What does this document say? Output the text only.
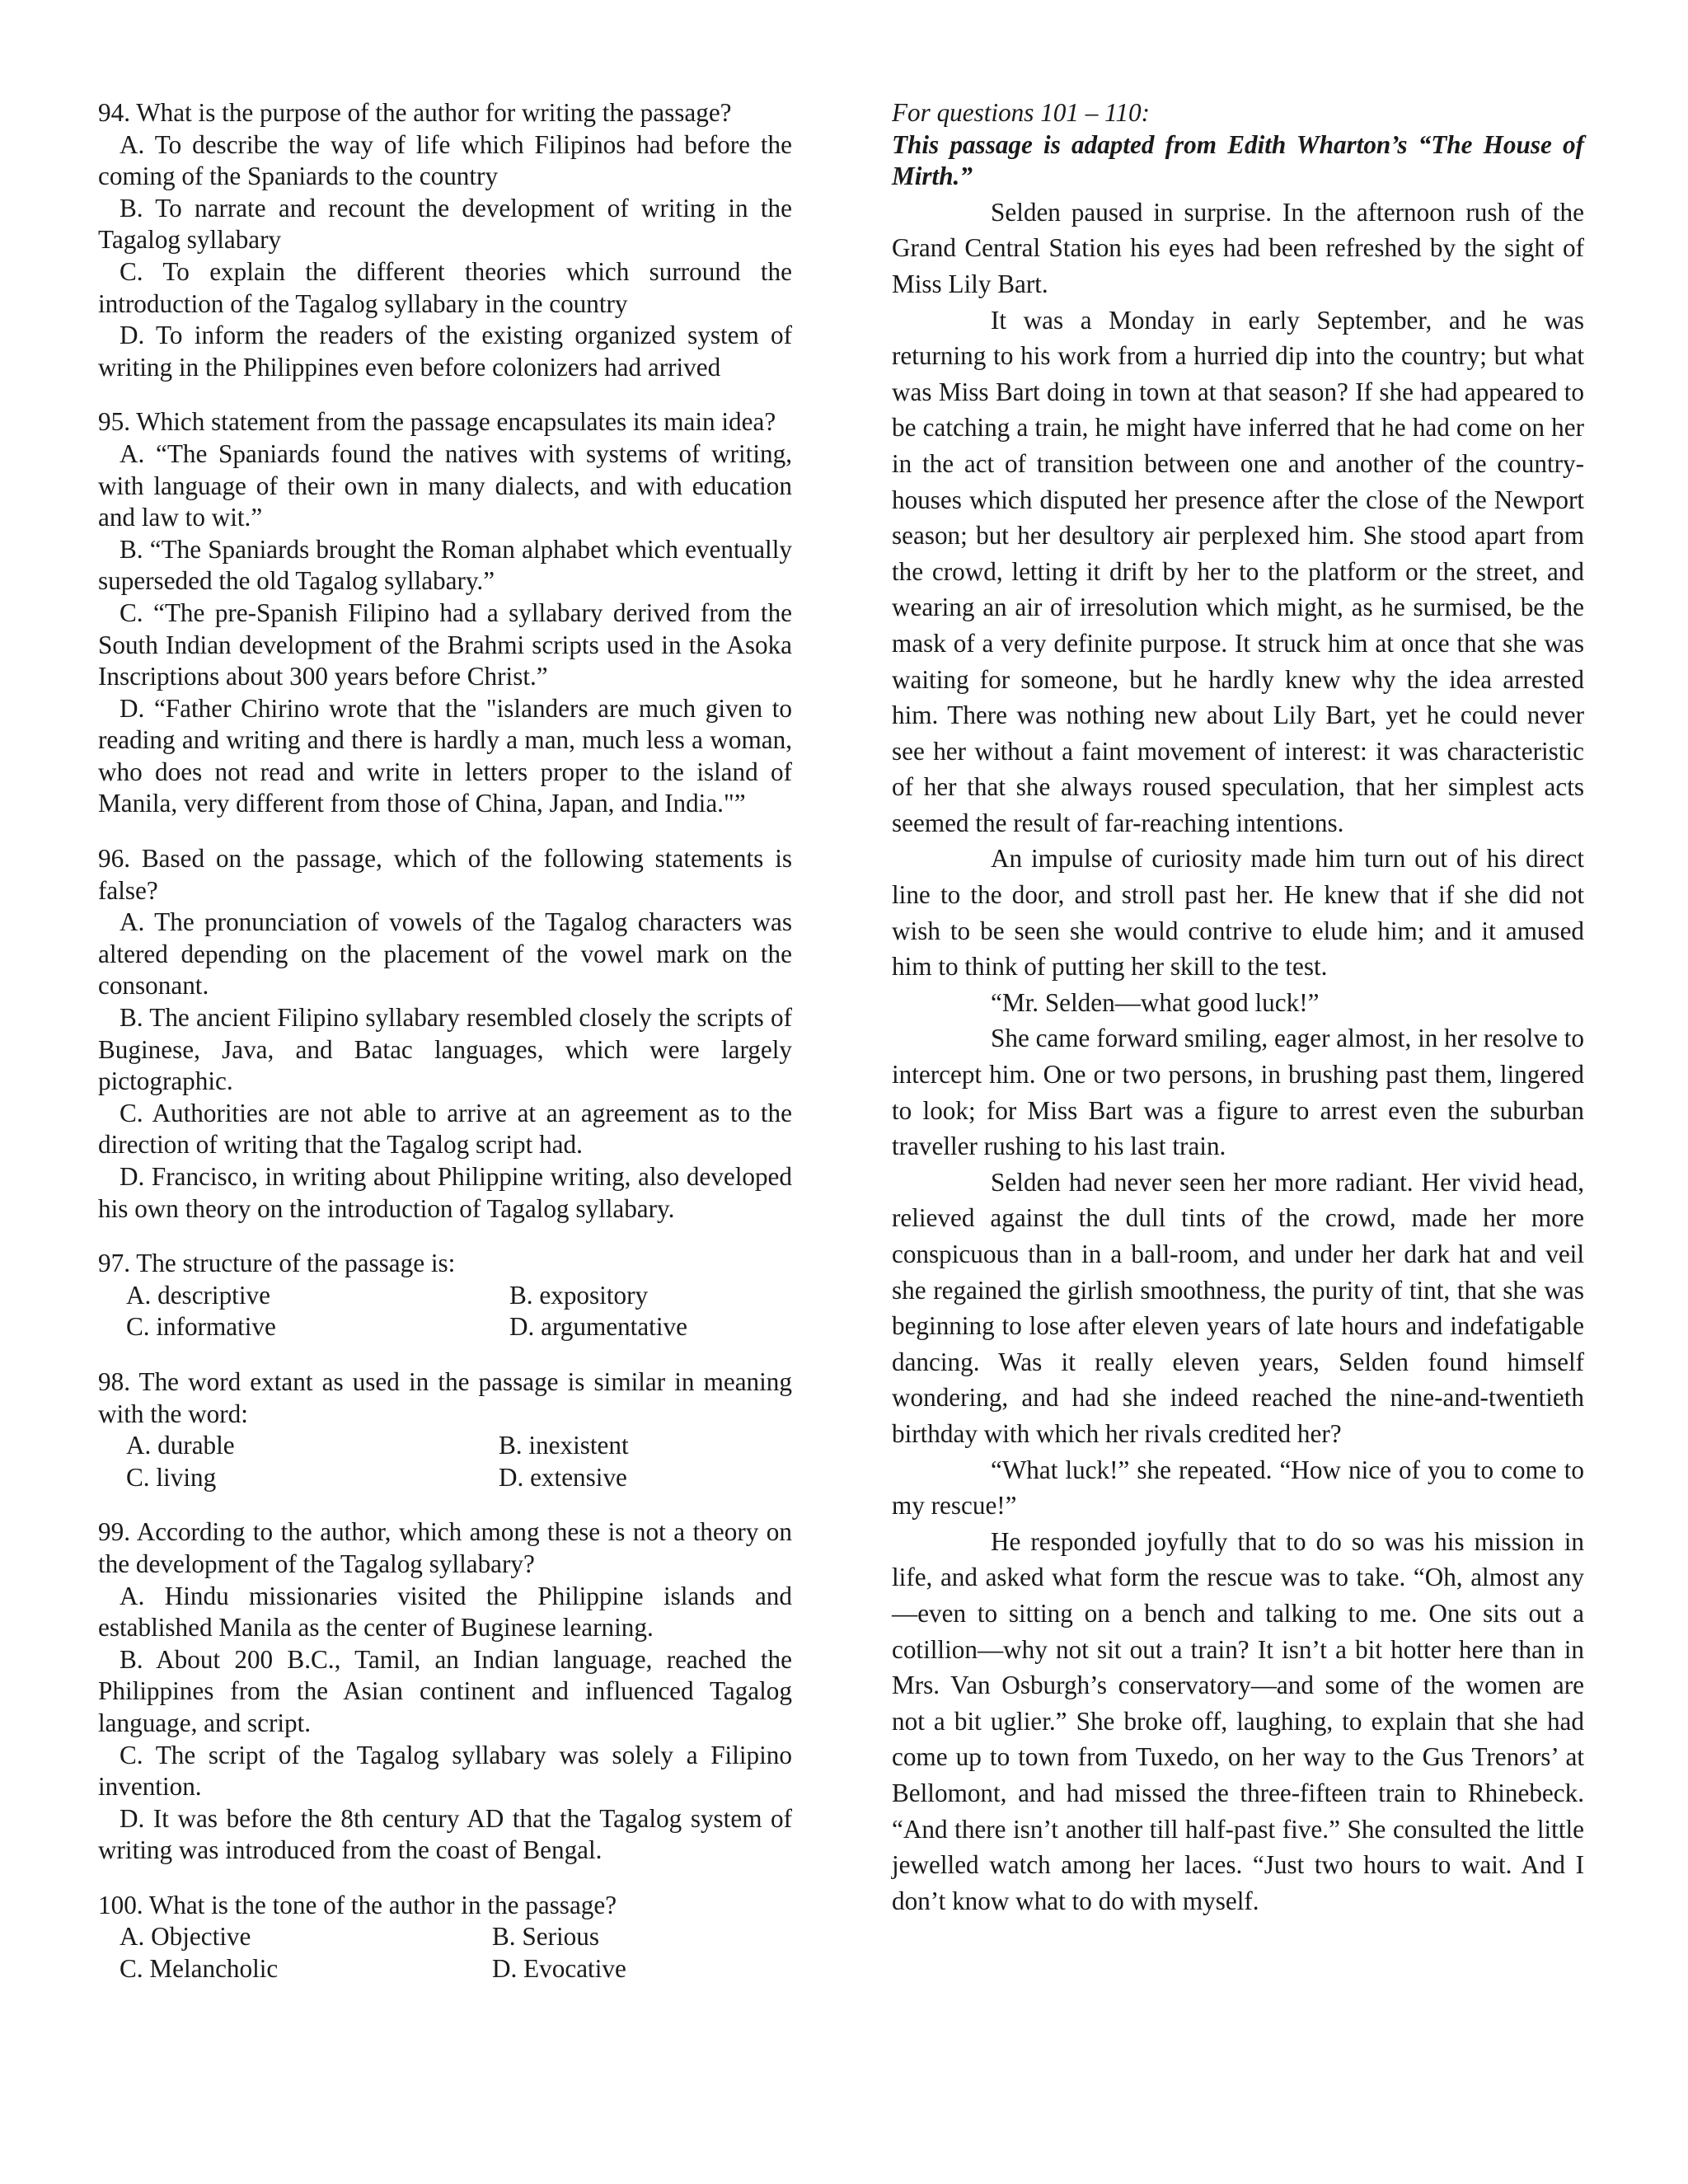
94. What is the purpose of the author for writing the passage?

A. To describe the way of life which Filipinos had before the coming of the Spaniards to the country

B. To narrate and recount the development of writing in the Tagalog syllabary

C. To explain the different theories which surround the introduction of the Tagalog syllabary in the country

D. To inform the readers of the existing organized system of writing in the Philippines even before colonizers had arrived

95. Which statement from the passage encapsulates its main idea?

A. “The Spaniards found the natives with systems of writing, with language of their own in many dialects, and with education and law to wit.”

B. “The Spaniards brought the Roman alphabet which eventually superseded the old Tagalog syllabary.”

C. “The pre-Spanish Filipino had a syllabary derived from the South Indian development of the Brahmi scripts used in the Asoka Inscriptions about 300 years before Christ.”

D. “Father Chirino wrote that the "islanders are much given to reading and writing and there is hardly a man, much less a woman, who does not read and write in letters proper to the island of Manila, very different from those of China, Japan, and India."”

96. Based on the passage, which of the following statements is false?

A. The pronunciation of vowels of the Tagalog characters was altered depending on the placement of the vowel mark on the consonant.

B. The ancient Filipino syllabary resembled closely the scripts of Buginese, Java, and Batac languages, which were largely pictographic.

C. Authorities are not able to arrive at an agreement as to the direction of writing that the Tagalog script had.

D. Francisco, in writing about Philippine writing, also developed his own theory on the introduction of Tagalog syllabary.

97. The structure of the passage is:

A. descriptive	B. expository
C. informative	D. argumentative

98. The word extant as used in the passage is similar in meaning with the word:

A. durable	B. inexistent
C. living	D. extensive

99. According to the author, which among these is not a theory on the development of the Tagalog syllabary?

A. Hindu missionaries visited the Philippine islands and established Manila as the center of Buginese learning.

B. About 200 B.C., Tamil, an Indian language, reached the Philippines from the Asian continent and influenced Tagalog language, and script.

C. The script of the Tagalog syllabary was solely a Filipino invention.

D. It was before the 8th century AD that the Tagalog system of writing was introduced from the coast of Bengal.

100. What is the tone of the author in the passage?

A. Objective	B. Serious
C. Melancholic	D. Evocative

For questions 101 – 110:

This passage is adapted from Edith Wharton’s “The House of Mirth.”

Selden paused in surprise. In the afternoon rush of the Grand Central Station his eyes had been refreshed by the sight of Miss Lily Bart.

It was a Monday in early September, and he was returning to his work from a hurried dip into the country; but what was Miss Bart doing in town at that season? If she had appeared to be catching a train, he might have inferred that he had come on her in the act of transition between one and another of the country-houses which disputed her presence after the close of the Newport season; but her desultory air perplexed him. She stood apart from the crowd, letting it drift by her to the platform or the street, and wearing an air of irresolution which might, as he surmised, be the mask of a very definite purpose. It struck him at once that she was waiting for someone, but he hardly knew why the idea arrested him. There was nothing new about Lily Bart, yet he could never see her without a faint movement of interest: it was characteristic of her that she always roused speculation, that her simplest acts seemed the result of far-reaching intentions.

An impulse of curiosity made him turn out of his direct line to the door, and stroll past her. He knew that if she did not wish to be seen she would contrive to elude him; and it amused him to think of putting her skill to the test.

“Mr. Selden—what good luck!”

She came forward smiling, eager almost, in her resolve to intercept him. One or two persons, in brushing past them, lingered to look; for Miss Bart was a figure to arrest even the suburban traveller rushing to his last train.

Selden had never seen her more radiant. Her vivid head, relieved against the dull tints of the crowd, made her more conspicuous than in a ball-room, and under her dark hat and veil she regained the girlish smoothness, the purity of tint, that she was beginning to lose after eleven years of late hours and indefatigable dancing. Was it really eleven years, Selden found himself wondering, and had she indeed reached the nine-and-twentieth birthday with which her rivals credited her?

“What luck!” she repeated. “How nice of you to come to my rescue!”

He responded joyfully that to do so was his mission in life, and asked what form the rescue was to take. “Oh, almost any—even to sitting on a bench and talking to me. One sits out a cotillion—why not sit out a train? It isn’t a bit hotter here than in Mrs. Van Osburgh’s conservatory—and some of the women are not a bit uglier.” She broke off, laughing, to explain that she had come up to town from Tuxedo, on her way to the Gus Trenors’ at Bellomont, and had missed the three-fifteen train to Rhinebeck. “And there isn’t another till half-past five.” She consulted the little jewelled watch among her laces. “Just two hours to wait. And I don’t know what to do with myself.
